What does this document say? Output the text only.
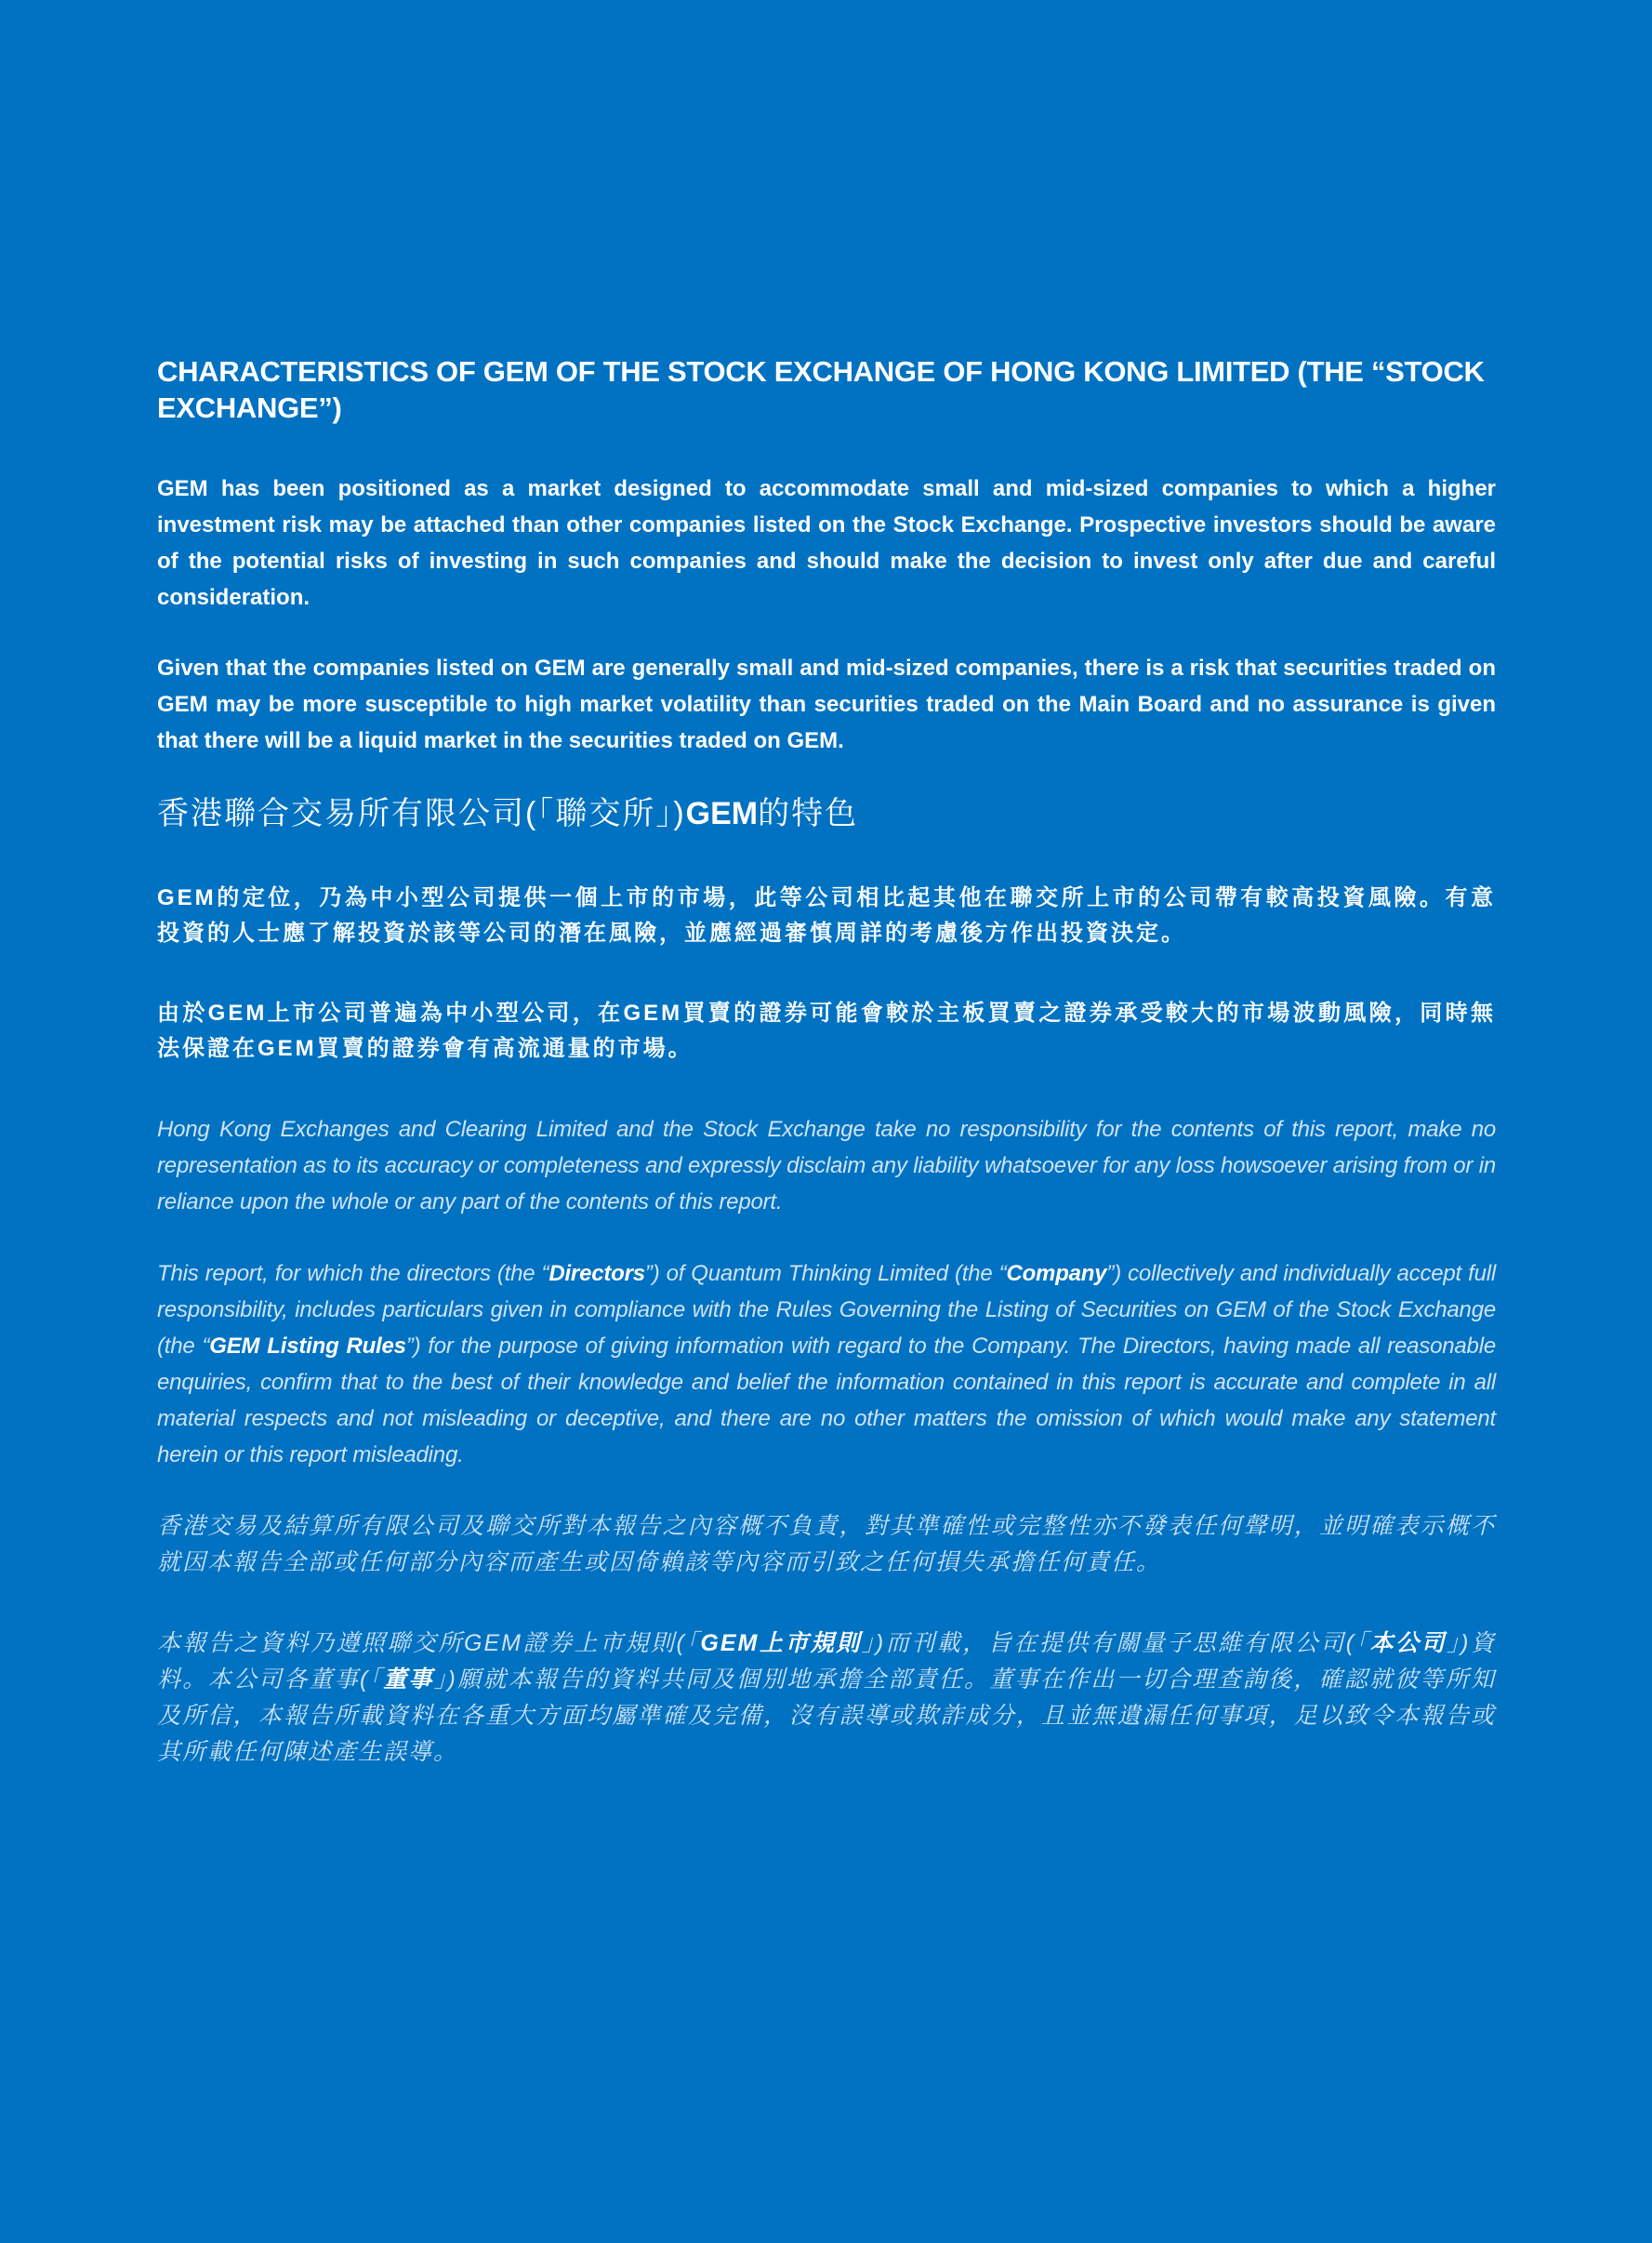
CHARACTERISTICS OF GEM OF THE STOCK EXCHANGE OF HONG KONG LIMITED (THE “STOCK EXCHANGE”)

GEM has been positioned as a market designed to accommodate small and mid-sized companies to which a higher investment risk may be attached than other companies listed on the Stock Exchange. Prospective investors should be aware of the potential risks of investing in such companies and should make the decision to invest only after due and careful consideration.

Given that the companies listed on GEM are generally small and mid-sized companies, there is a risk that securities traded on GEM may be more susceptible to high market volatility than securities traded on the Main Board and no assurance is given that there will be a liquid market in the securities traded on GEM.

香港聯合交易所有限公司(「聯交所」)GEM的特色

GEM的定位，乃為中小型公司提供一個上市的市場，此等公司相比起其他在聯交所上市的公司帶有較高投資風險。有意投資的人士應了解投資於該等公司的潛在風險，並應經過審慎周詳的考慮後方作出投資決定。

由於GEM上市公司普遍為中小型公司，在GEM買賣的證券可能會較於主板買賣之證券承受較大的市場波動風險，同時無法保證在GEM買賣的證券會有高流通量的市場。

Hong Kong Exchanges and Clearing Limited and the Stock Exchange take no responsibility for the contents of this report, make no representation as to its accuracy or completeness and expressly disclaim any liability whatsoever for any loss howsoever arising from or in reliance upon the whole or any part of the contents of this report.

This report, for which the directors (the “Directors”) of Quantum Thinking Limited (the “Company”) collectively and individually accept full responsibility, includes particulars given in compliance with the Rules Governing the Listing of Securities on GEM of the Stock Exchange (the “GEM Listing Rules”) for the purpose of giving information with regard to the Company. The Directors, having made all reasonable enquiries, confirm that to the best of their knowledge and belief the information contained in this report is accurate and complete in all material respects and not misleading or deceptive, and there are no other matters the omission of which would make any statement herein or this report misleading.

香港交易及結算所有限公司及聯交所對本報告之內容概不負責，對其準確性或完整性亦不發表任何聲明，並明確表示概不就因本報告全部或任何部分內容而產生或因倚賴該等內容而引致之任何損失承擔任何責任。

本報告之資料乃遵照聯交所GEM證券上市規則(「GEM上市規則」)而刊載，旨在提供有關量子思維有限公司(「本公司」)資料。本公司各董事(「董事」)願就本報告的資料共同及個別地承擔全部責任。董事在作出一切合理查詢後，確認就彼等所知及所信，本報告所載資料在各重大方面均屬準確及完備，沒有誤導或欺詐成分，且並無遺漏任何事項，足以致令本報告或其所載任何陳述產生誤導。
